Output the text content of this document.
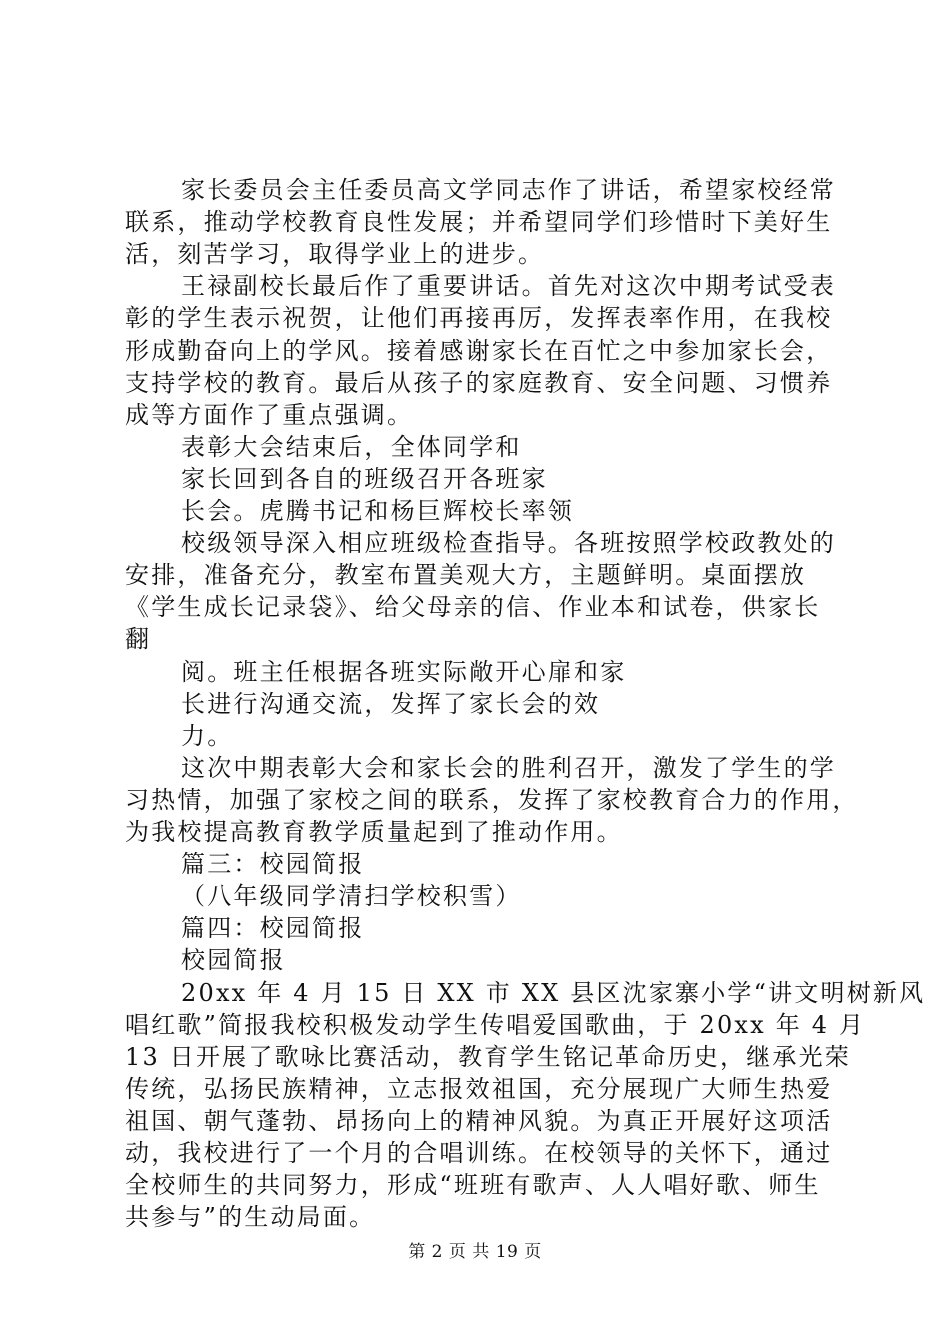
家长委员会主任委员高文学同志作了讲话，希望家校经常
联系，推动学校教育良性发展；并希望同学们珍惜时下美好生
活，刻苦学习，取得学业上的进步。
王禄副校长最后作了重要讲话。首先对这次中期考试受表
彰的学生表示祝贺，让他们再接再厉，发挥表率作用，在我校
形成勤奋向上的学风。接着感谢家长在百忙之中参加家长会，
支持学校的教育。最后从孩子的家庭教育、安全问题、习惯养
成等方面作了重点强调。
表彰大会结束后，全体同学和
家长回到各自的班级召开各班家
长会。虎腾书记和杨巨辉校长率领
校级领导深入相应班级检查指导。各班按照学校政教处的
安排，准备充分，教室布置美观大方，主题鲜明。桌面摆放
《学生成长记录袋》、给父母亲的信、作业本和试卷，供家长
翻
阅。班主任根据各班实际敞开心扉和家
长进行沟通交流，发挥了家长会的效
力。
这次中期表彰大会和家长会的胜利召开，激发了学生的学
习热情，加强了家校之间的联系，发挥了家校教育合力的作用，
为我校提高教育教学质量起到了推动作用。
篇三：校园简报
（八年级同学清扫学校积雪）
篇四：校园简报
校园简报
20xx 年 4 月 15 日 XX 市 XX 县区沈家寨小学“讲文明树新风
唱红歌”简报我校积极发动学生传唱爱国歌曲，于 20xx 年 4 月
13 日开展了歌咏比赛活动，教育学生铭记革命历史，继承光荣
传统，弘扬民族精神，立志报效祖国，充分展现广大师生热爱
祖国、朝气蓬勃、昂扬向上的精神风貌。为真正开展好这项活
动，我校进行了一个月的合唱训练。在校领导的关怀下，通过
全校师生的共同努力，形成“班班有歌声、人人唱好歌、师生
共参与”的生动局面。
第 2 页 共 19 页
